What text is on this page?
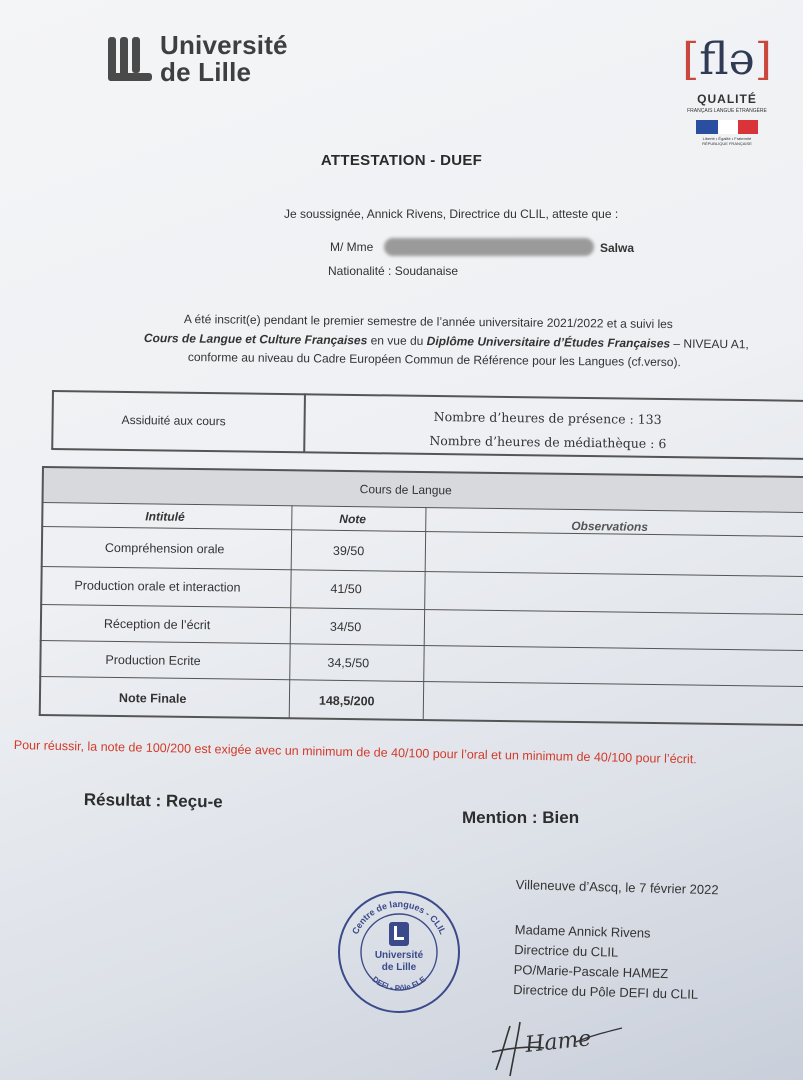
Université
de Lille	[flə]
QUALITÉ
FRANÇAIS LANGUE ÉTRANGÈRE
Liberté • Égalité • Fraternité RÉPUBLIQUE FRANÇAISE
ATTESTATION - DUEF
Je soussignée, Annick Rivens, Directrice du CLIL, atteste que :
M/ Mme	Salwa
Nationalité : Soudanaise
A été inscrit(e) pendant le premier semestre de l’année universitaire 2021/2022 et a suivi les
Cours de Langue et Culture Françaises en vue du Diplôme Universitaire d’Études Françaises – NIVEAU A1,
conforme au niveau du Cadre Européen Commun de Référence pour les Langues (cf.verso).
Assiduité aux cours	Nombre d’heures de présence : 133
Nombre d’heures de médiathèque : 6
Cours de Langue
Intitulé	Note	Observations
Compréhension orale	39/50
Production orale et interaction	41/50
Réception de l’écrit	34/50
Production Ecrite	34,5/50
Note Finale	148,5/200
Pour réussir, la note de 100/200 est exigée avec un minimum de de 40/100 pour l’oral et un minimum de 40/100 pour l’écrit.
Résultat : Reçu-e
Mention : Bien
Villeneuve d’Ascq, le 7 février 2022
Madame Annick Rivens
Directrice du CLIL
PO/Marie-Pascale HAMEZ
Directrice du Pôle DEFI du CLIL
Hame
Centre de langues - CLIL
DEFI - Pôle FLE
Université
de Lille
